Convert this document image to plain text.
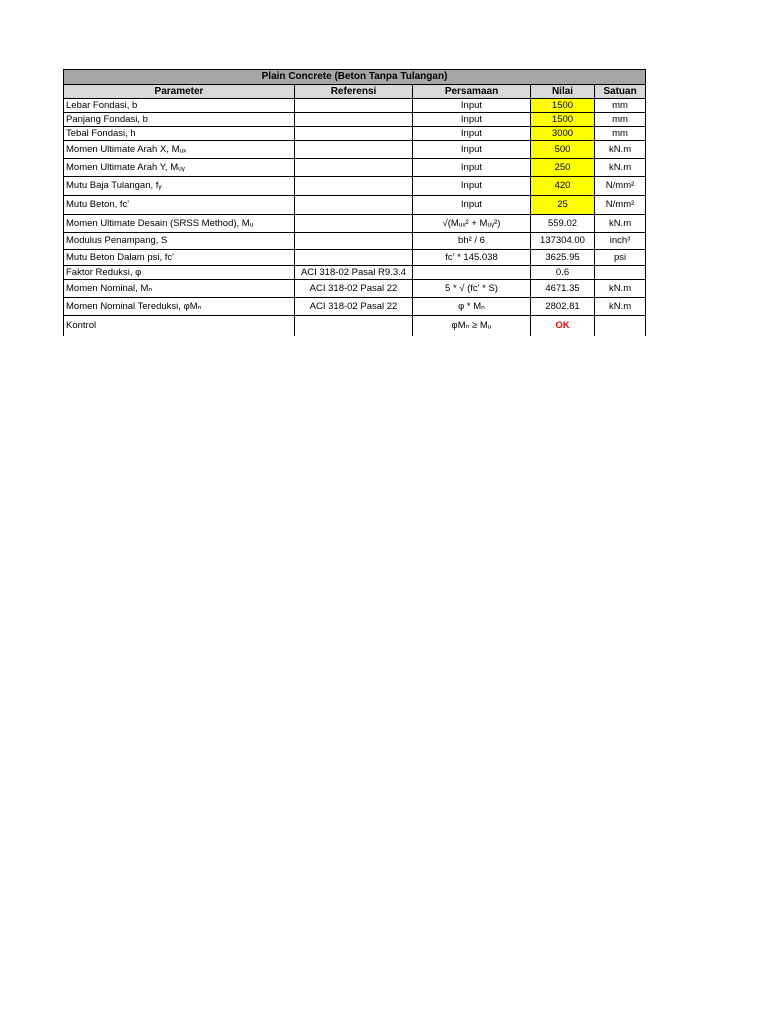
Plain Concrete (Beton Tanpa Tulangan)				
Parameter	Referensi	Persamaan	Nilai	Satuan
Lebar Fondasi, b		Input	1500	mm
Panjang Fondasi, b		Input	1500	mm
Tebal Fondasi, h		Input	3000	mm
Momen Ultimate Arah X, Mᵤₓ		Input	500	kN.m
Momen Ultimate Arah Y, Mᵤᵧ		Input	250	kN.m
Mutu Baja Tulangan, fᵧ		Input	420	N/mm²
Mutu Beton, fc'		Input	25	N/mm²
Momen Ultimate Desain (SRSS Method), Mᵤ		√(Mᵤₓ² + Mᵤᵧ²)	559.02	kN.m
Modulus Penampang, S		bh² / 6	137304.00	inch³
Mutu Beton Dalam psi, fc'		fc' * 145.038	3625.95	psi
Faktor Reduksi, φ	ACI 318-02 Pasal R9.3.4		0.6	
Momen Nominal, Mₙ	ACI 318-02 Pasal 22	5 * √ (fc' * S)	4671.35	kN.m
Momen Nominal Tereduksi, φMₙ	ACI 318-02 Pasal 22	φ * Mₙ	2802.81	kN.m
Kontrol		φMₙ ≥ Mᵤ	OK	
